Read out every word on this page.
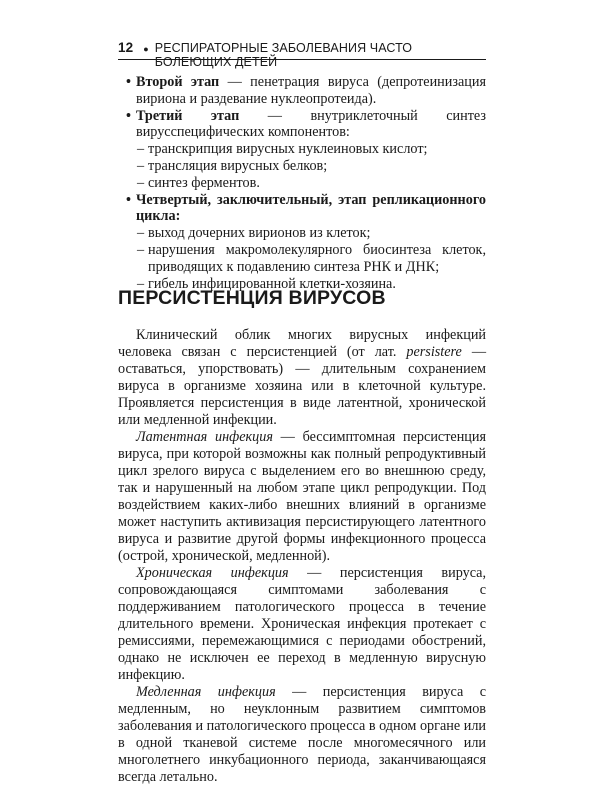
12 ● РЕСПИРАТОРНЫЕ ЗАБОЛЕВАНИЯ ЧАСТО БОЛЕЮЩИХ ДЕТЕЙ
• Второй этап — пенетрация вируса (депротеинизация вириона и раздевание нуклеопротеида).
• Третий этап — внутриклеточный синтез вирусспецифических компонентов:
– транскрипция вирусных нуклеиновых кислот;
– трансляция вирусных белков;
– синтез ферментов.
• Четвертый, заключительный, этап репликационного цикла:
– выход дочерних вирионов из клеток;
– нарушения макромолекулярного биосинтеза клеток, приводящих к подавлению синтеза РНК и ДНК;
– гибель инфицированной клетки-хозяина.
ПЕРСИСТЕНЦИЯ ВИРУСОВ

Клинический облик многих вирусных инфекций человека связан с персистенцией (от лат. persistere — оставаться, упорствовать) — длительным сохранением вируса в организме хозяина или в клеточной культуре. Проявляется персистенция в виде латентной, хронической или медленной инфекции.

Латентная инфекция — бессимптомная персистенция вируса, при которой возможны как полный репродуктивный цикл зрелого вируса с выделением его во внешнюю среду, так и нарушенный на любом этапе цикл репродукции. Под воздействием каких-либо внешних влияний в организме может наступить активизация персистирующего латентного вируса и развитие другой формы инфекционного процесса (острой, хронической, медленной).

Хроническая инфекция — персистенция вируса, сопровождающаяся симптомами заболевания с поддерживанием патологического процесса в течение длительного времени. Хроническая инфекция протекает с ремиссиями, перемежающимися с периодами обострений, однако не исключен ее переход в медленную вирусную инфекцию.

Медленная инфекция — персистенция вируса с медленным, но неуклонным развитием симптомов заболевания и патологического процесса в одном органе или в одной тканевой системе после многомесячного или многолетнего инкубационного периода, заканчивающаяся всегда летально.
